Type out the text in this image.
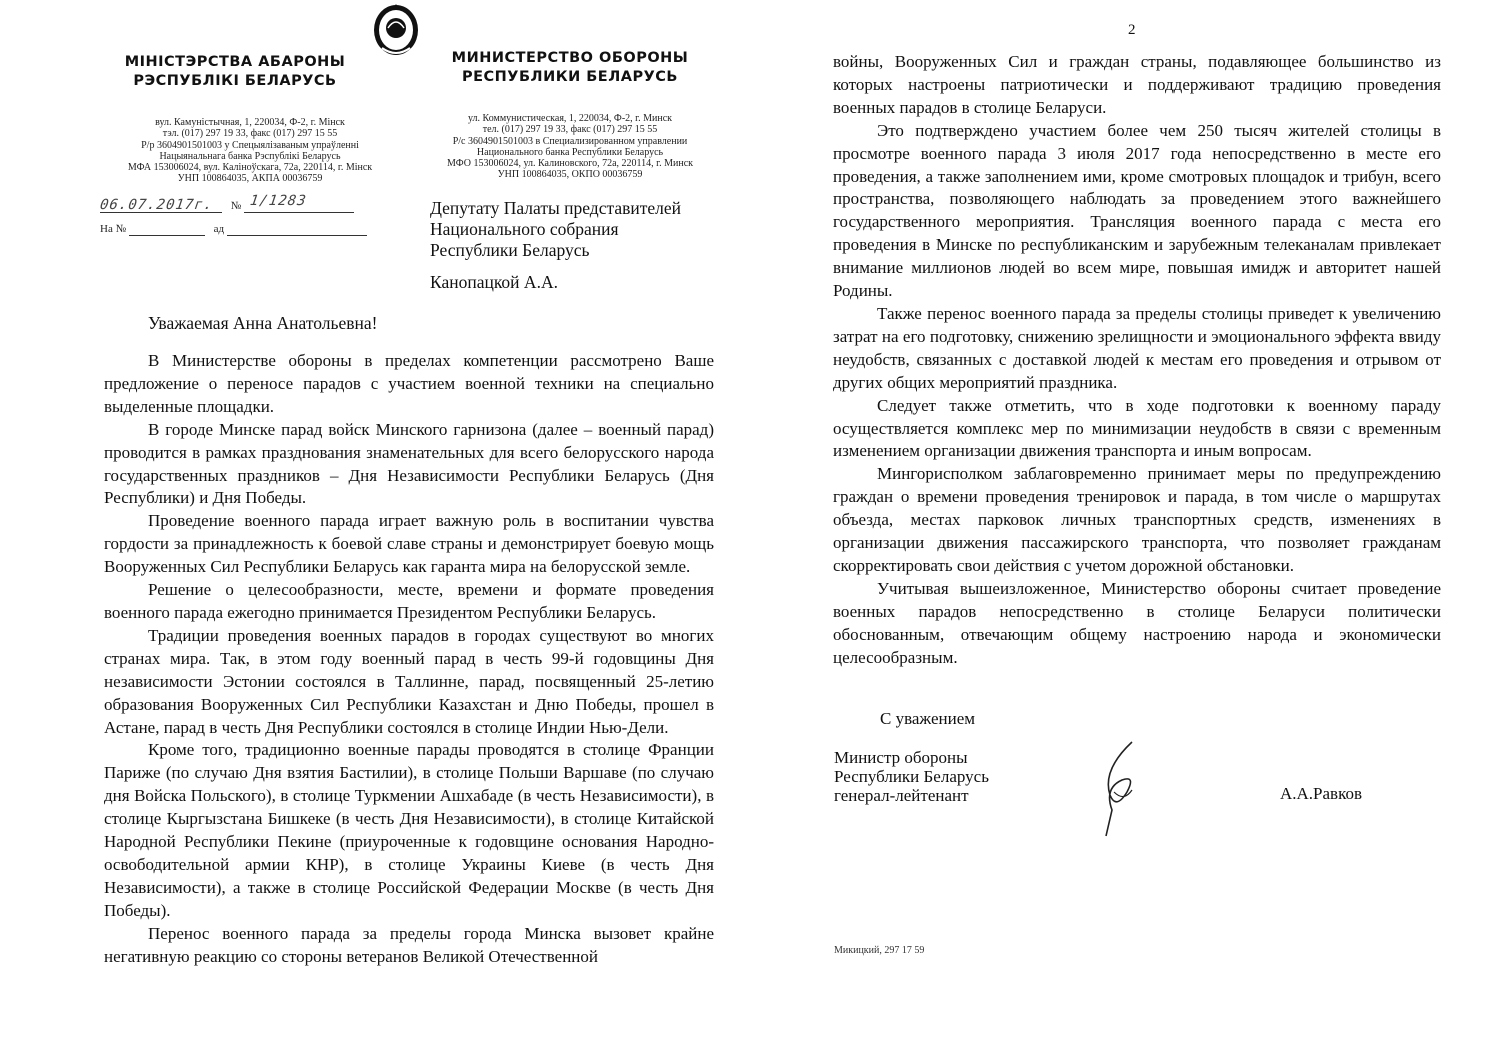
МІНІСТЭРСТВА АБАРОНЫ
РЭСПУБЛІКІ БЕЛАРУСЬ
МИНИСТЕРСТВО ОБОРОНЫ
РЕСПУБЛИКИ БЕЛАРУСЬ
вул. Камуністычная, 1, 220034, Ф-2, г. Мінск
тэл. (017) 297 19 33, факс (017) 297 15 55
Р/р 3604901501003 у Спецыялізаваным упраўленні
Нацыянальнага банка Рэспублікі Беларусь
МФА 153006024, вул. Каліноўскага, 72а, 220114, г. Мінск
УНП 100864035, АКПА 00036759
ул. Коммунистическая, 1, 220034, Ф-2, г. Минск
тел. (017) 297 19 33, факс (017) 297 15 55
Р/с 3604901501003 в Специализированном управлении
Национального банка Республики Беларусь
МФО 153006024, ул. Калиновского, 72а, 220114, г. Минск
УНП 100864035, ОКПО 00036759
№
06.07.2017г. 1/1283
На №	ад
Депутату Палаты представителей
Национального собрания
Республики Беларусь
Канопацкой А.А.
Уважаемая Анна Анатольевна!

В Министерстве обороны в пределах компетенции рассмотрено Ваше предложение о переносе парадов с участием военной техники на специально выделенные площадки.

В городе Минске парад войск Минского гарнизона (далее – военный парад) проводится в рамках празднования знаменательных для всего белорусского народа государственных праздников – Дня Независимости Республики Беларусь (Дня Республики) и Дня Победы.

Проведение военного парада играет важную роль в воспитании чувства гордости за принадлежность к боевой славе страны и демонстрирует боевую мощь Вооруженных Сил Республики Беларусь как гаранта мира на белорусской земле.

Решение о целесообразности, месте, времени и формате проведения военного парада ежегодно принимается Президентом Республики Беларусь.

Традиции проведения военных парадов в городах существуют во многих странах мира. Так, в этом году военный парад в честь 99-й годовщины Дня независимости Эстонии состоялся в Таллинне, парад, посвященный 25-летию образования Вооруженных Сил Республики Казахстан и Дню Победы, прошел в Астане, парад в честь Дня Республики состоялся в столице Индии Нью-Дели.

Кроме того, традиционно военные парады проводятся в столице Франции Париже (по случаю Дня взятия Бастилии), в столице Польши Варшаве (по случаю дня Войска Польского), в столице Туркмении Ашхабаде (в честь Независимости), в столице Кыргызстана Бишкеке (в честь Дня Независимости), в столице Китайской Народной Республики Пекине (приуроченные к годовщине основания Народно-освободительной армии КНР), в столице Украины Киеве (в честь Дня Независимости), а также в столице Российской Федерации Москве (в честь Дня Победы).

Перенос военного парада за пределы города Минска вызовет крайне негативную реакцию со стороны ветеранов Великой Отечественной

2

войны, Вооруженных Сил и граждан страны, подавляющее большинство из которых настроены патриотически и поддерживают традицию проведения военных парадов в столице Беларуси.

Это подтверждено участием более чем 250 тысяч жителей столицы в просмотре военного парада 3 июля 2017 года непосредственно в месте его проведения, а также заполнением ими, кроме смотровых площадок и трибун, всего пространства, позволяющего наблюдать за проведением этого важнейшего государственного мероприятия. Трансляция военного парада с места его проведения в Минске по республиканским и зарубежным телеканалам привлекает внимание миллионов людей во всем мире, повышая имидж и авторитет нашей Родины.

Также перенос военного парада за пределы столицы приведет к увеличению затрат на его подготовку, снижению зрелищности и эмоционального эффекта ввиду неудобств, связанных с доставкой людей к местам его проведения и отрывом от других общих мероприятий праздника.

Следует также отметить, что в ходе подготовки к военному параду осуществляется комплекс мер по минимизации неудобств в связи с временным изменением организации движения транспорта и иным вопросам.

Мингорисполком заблаговременно принимает меры по предупреждению граждан о времени проведения тренировок и парада, в том числе о маршрутах объезда, местах парковок личных транспортных средств, изменениях в организации движения пассажирского транспорта, что позволяет гражданам скорректировать свои действия с учетом дорожной обстановки.

Учитывая вышеизложенное, Министерство обороны считает проведение военных парадов непосредственно в столице Беларуси политически обоснованным, отвечающим общему настроению народа и экономически целесообразным.

С уважением
Министр обороны
Республики Беларусь
генерал-лейтенант	А.А.Равков
Микицкий, 297 17 59
